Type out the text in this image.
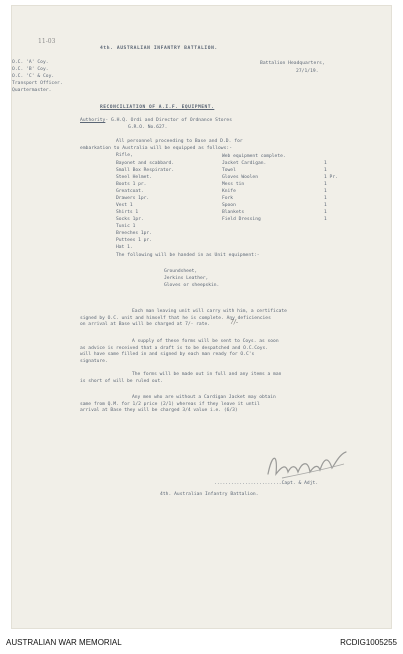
11-03
4th. AUSTRALIAN INFANTRY BATTALION.
O.C. 'A' Coy.
O.C. 'B' Coy.
O.C. 'C' & Coy.
Transport Officer.
Quartermaster.
Battalion Headquarters,
27/1/19.
RECONCILIATION OF A.I.F. EQUIPMENT.
Authority- G.H.Q. Ordi and Director of Ordnance Stores
G.R.O. No.627.
All personnel proceeding to Base and D.D. for
embarkation to Australia will be equipped as follows:-
Rifle,
Bayonet and scabbard.
Small Box Respirator.
Steel Helmet.
Boots 1 pr.
Greatcoat.
Drawers 1pr.
Vest 1
Shirts 1
Socks 1pr.
Tunic 1
Breeches 1pr.
Puttees 1 pr.
Hat 1.
Web equipment complete.
Jacket Cardigan.
Towel
Gloves Woolen
Mess tin
Knife
Fork
Spoon
Blankets
Field Dressing

1
1
1 Pr.
1
1
1
1
1
1
The following will be handed in as Unit equipment:-
Groundsheet,
Jerkins Leather,
Gloves or sheepskin.
Each man leaving unit will carry with him, a certificate
signed by O.C. unit and himself that he is complete. Any deficiencies
on arrival at Base will be charged at 7/- rate.	7/-
A supply of these forms will be sent to Coys. as soon
as advice is received that a draft is to be despatched and O.C.Coys.
will have same filled in and signed by each man ready for O.C's
signature.
The forms will be made out in full and any items a man
is short of will be ruled out.
Any men who are without a Cardigan Jacket may obtain
same from Q.M. for 1/2 price (2/1) whereas if they leave it until
arrival at Base they will be charged 3/4 value i.e. (6/3)
........................Capt. & Adjt.
4th. Australian Infantry Battalion.
AUSTRALIAN WAR MEMORIAL	RCDIG1005255
